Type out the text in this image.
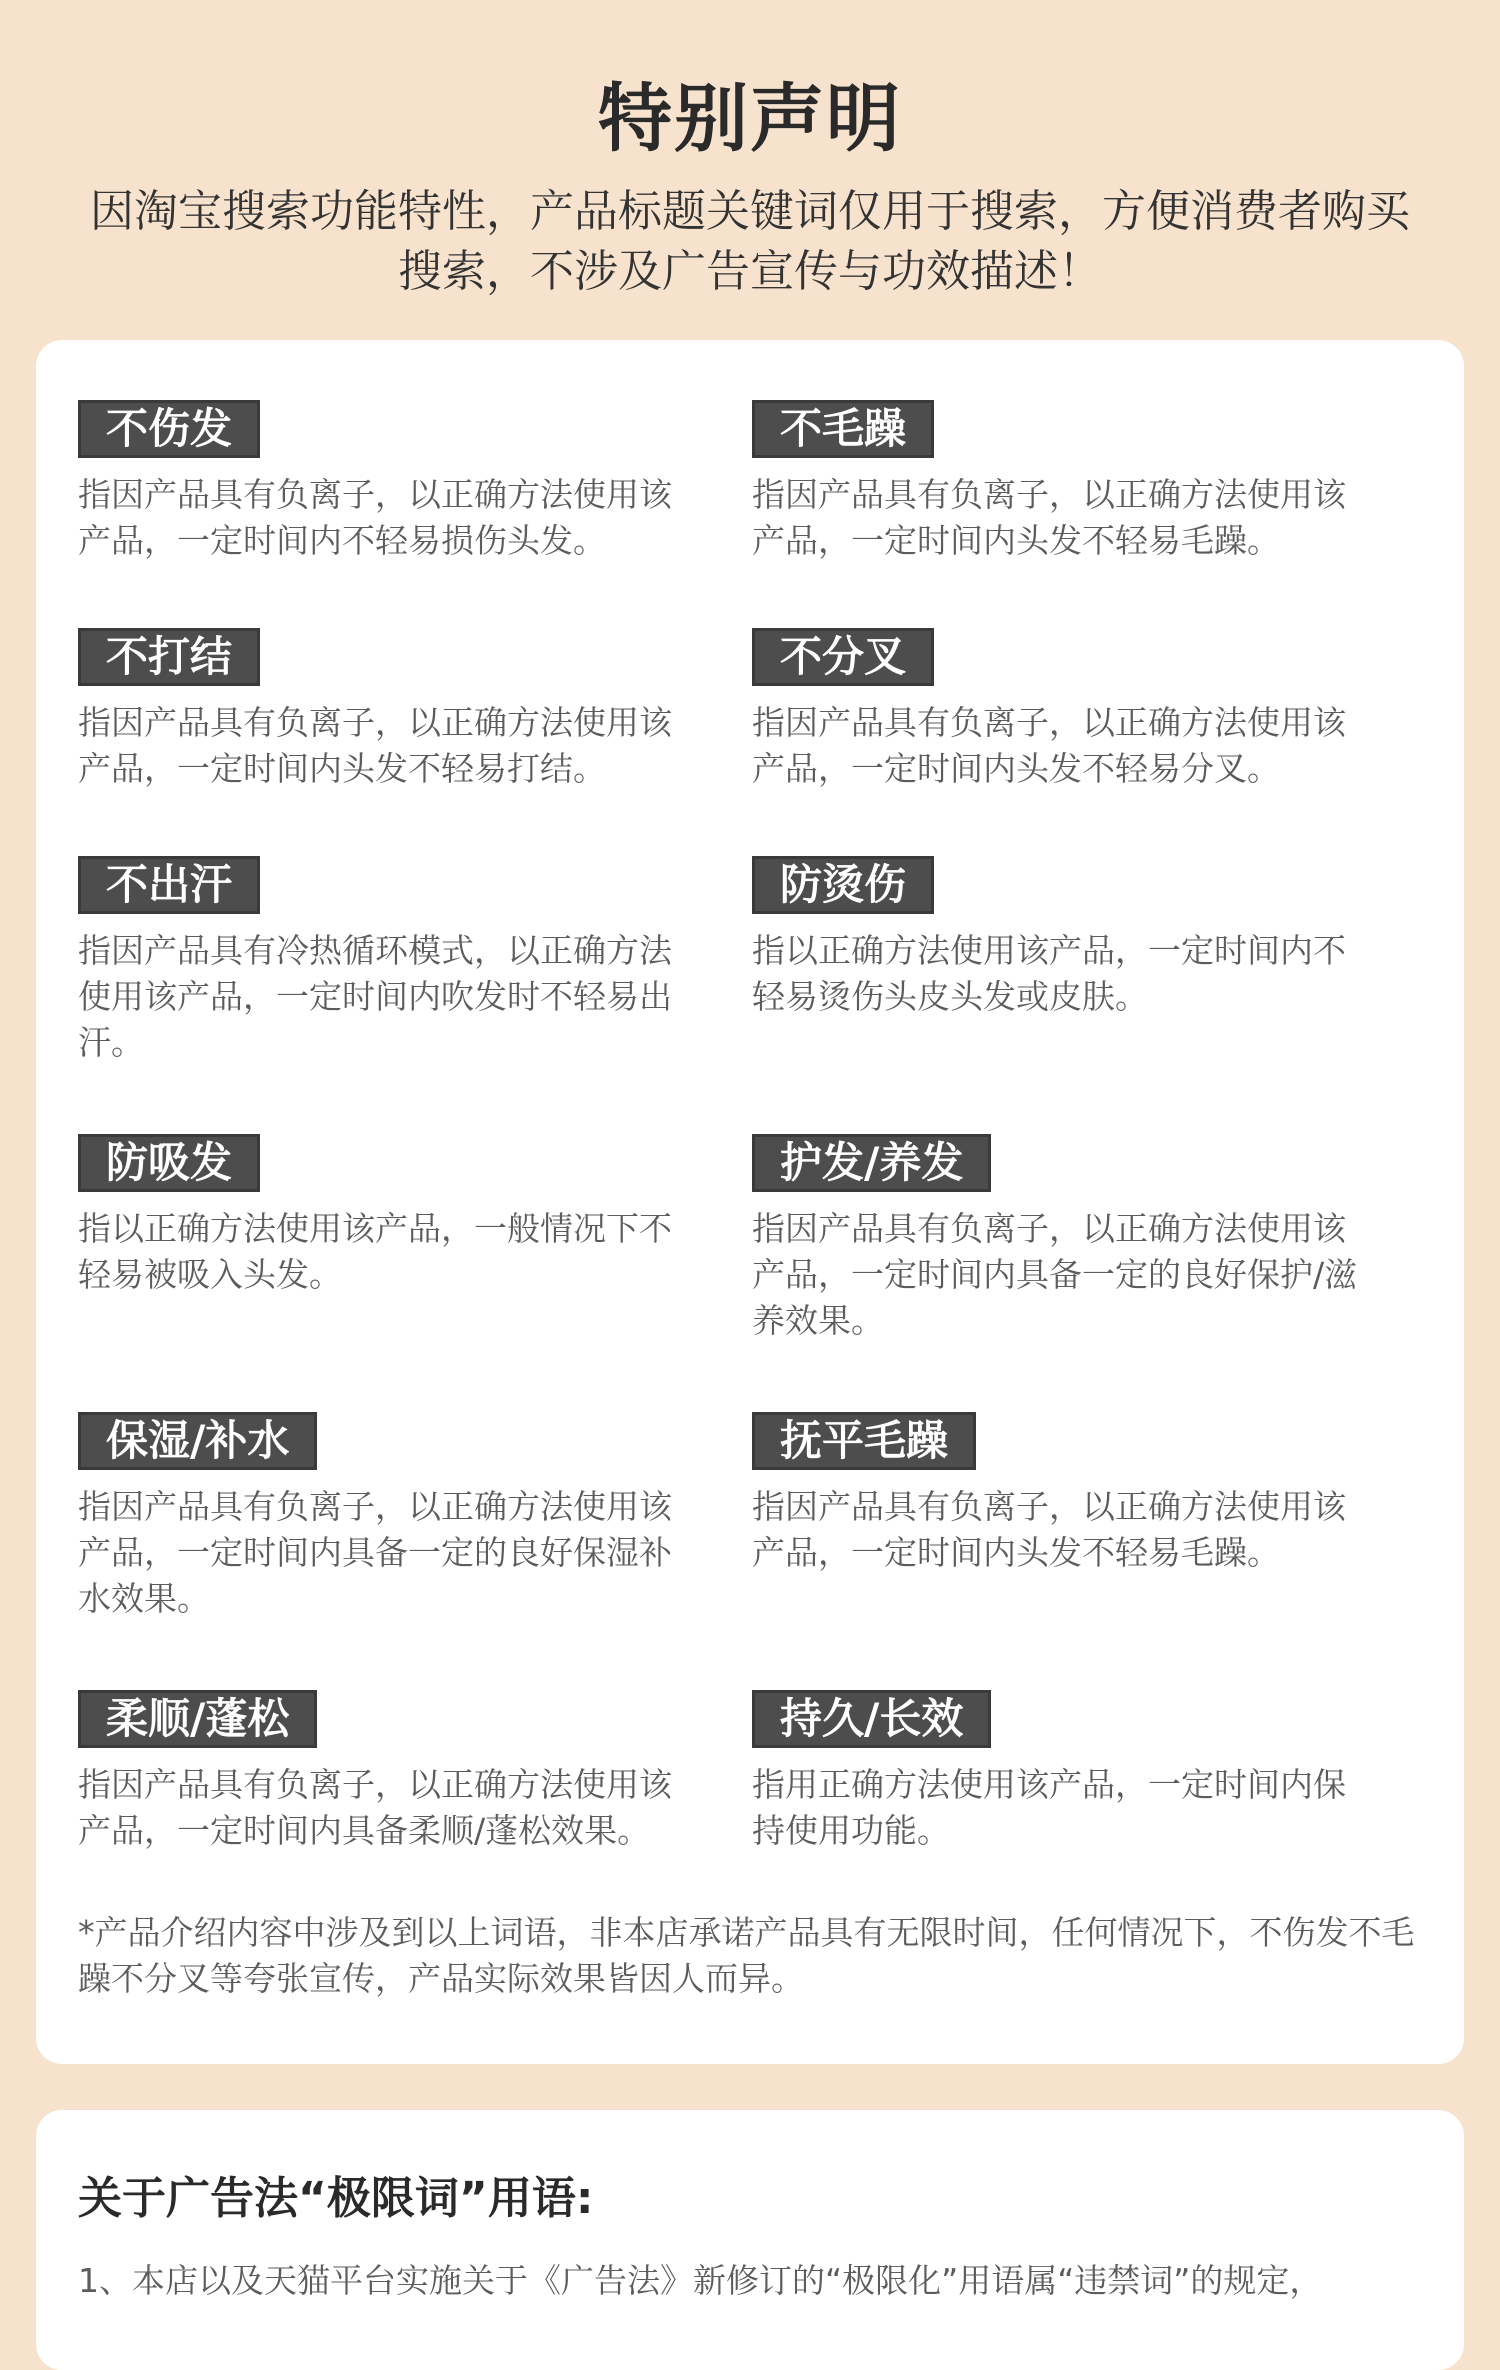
特别声明
因淘宝搜索功能特性，产品标题关键词仅用于搜索，方便消费者购买搜索，不涉及广告宣传与功效描述！
不伤发
指因产品具有负离子，以正确方法使用该产品，一定时间内不轻易损伤头发。
不毛躁
指因产品具有负离子，以正确方法使用该产品，一定时间内头发不轻易毛躁。
不打结
指因产品具有负离子，以正确方法使用该产品，一定时间内头发不轻易打结。
不分叉
指因产品具有负离子，以正确方法使用该产品，一定时间内头发不轻易分叉。
不出汗
指因产品具有冷热循环模式，以正确方法使用该产品，一定时间内吹发时不轻易出汗。
防烫伤
指以正确方法使用该产品，一定时间内不轻易烫伤头皮头发或皮肤。
防吸发
指以正确方法使用该产品，一般情况下不轻易被吸入头发。
护发/养发
指因产品具有负离子，以正确方法使用该产品，一定时间内具备一定的良好保护/滋养效果。
保湿/补水
指因产品具有负离子，以正确方法使用该产品，一定时间内具备一定的良好保湿补水效果。
抚平毛躁
指因产品具有负离子，以正确方法使用该产品，一定时间内头发不轻易毛躁。
柔顺/蓬松
指因产品具有负离子，以正确方法使用该产品，一定时间内具备柔顺/蓬松效果。
持久/长效
指用正确方法使用该产品，一定时间内保持使用功能。
*产品介绍内容中涉及到以上词语，非本店承诺产品具有无限时间，任何情况下，不伤发不毛躁不分叉等夸张宣传，产品实际效果皆因人而异。
关于广告法“极限词”用语:
1、本店以及天猫平台实施关于《广告法》新修订的“极限化”用语属“违禁词”的规定，
